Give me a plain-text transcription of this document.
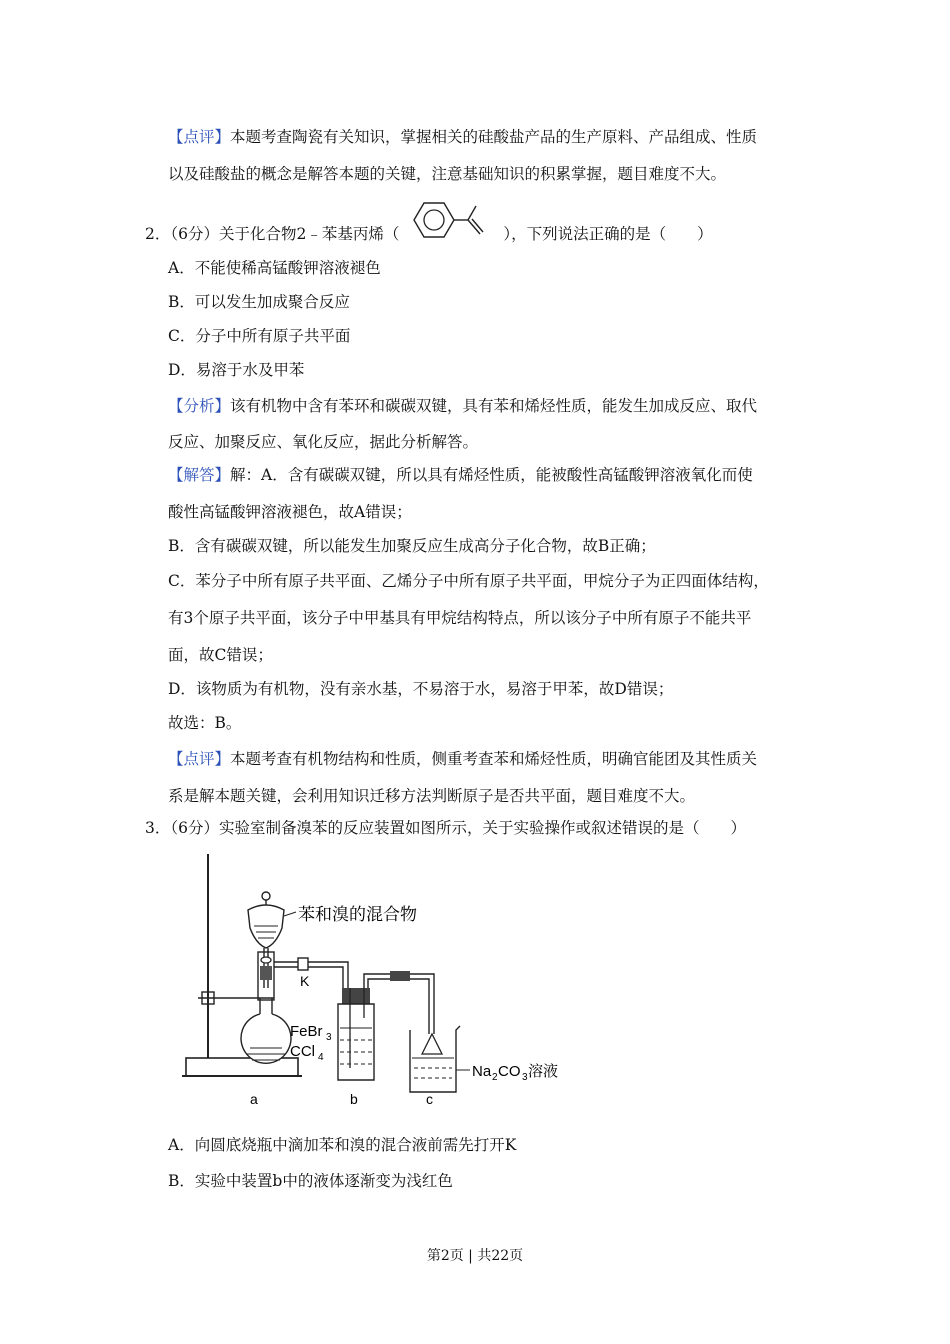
【点评】本题考查陶瓷有关知识，掌握相关的硅酸盐产品的生产原料、产品组成、性质
以及硅酸盐的概念是解答本题的关键，注意基础知识的积累掌握，题目难度不大。
2．（6分）关于化合物2﹣苯基丙烯（	），下列说法正确的是（　　）
A．不能使稀高锰酸钾溶液褪色
B．可以发生加成聚合反应
C．分子中所有原子共平面
D．易溶于水及甲苯
【分析】该有机物中含有苯环和碳碳双键，具有苯和烯烃性质，能发生加成反应、取代
反应、加聚反应、氧化反应，据此分析解答。
【解答】解：A．含有碳碳双键，所以具有烯烃性质，能被酸性高锰酸钾溶液氧化而使
酸性高锰酸钾溶液褪色，故A错误；
B．含有碳碳双键，所以能发生加聚反应生成高分子化合物，故B正确；
C．苯分子中所有原子共平面、乙烯分子中所有原子共平面，甲烷分子为正四面体结构，
有3个原子共平面，该分子中甲基具有甲烷结构特点，所以该分子中所有原子不能共平
面，故C错误；
D．该物质为有机物，没有亲水基，不易溶于水，易溶于甲苯，故D错误；
故选：B。
【点评】本题考查有机物结构和性质，侧重考查苯和烯烃性质，明确官能团及其性质关
系是解本题关键，会利用知识迁移方法判断原子是否共平面，题目难度不大。
3．（6分）实验室制备溴苯的反应装置如图所示，关于实验操作或叙述错误的是（　　）
苯和溴的混合物
K
FeBr 3
CCl 4
Na 2 CO 3 溶液
a	b	c
A．向圆底烧瓶中滴加苯和溴的混合液前需先打开K
B．实验中装置b中的液体逐渐变为浅红色
第2页 | 共22页
